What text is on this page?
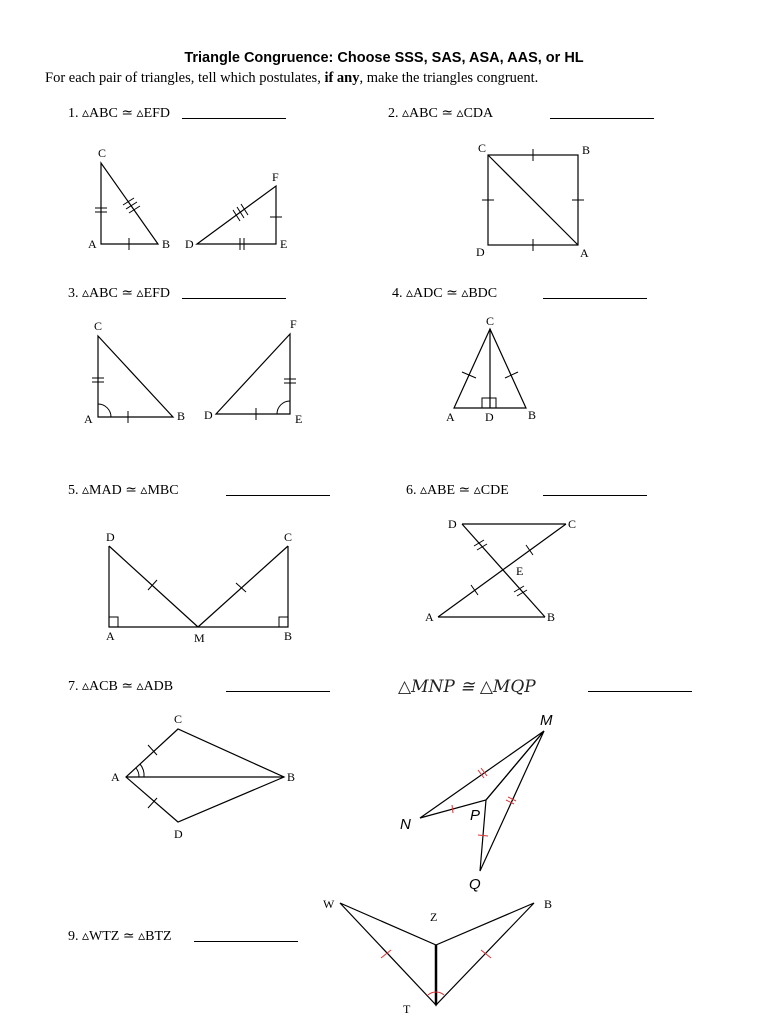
Triangle Congruence: Choose SSS, SAS, ASA, AAS, or HL
For each pair of triangles, tell which postulates, if any, make the triangles congruent.
1. ▵ABC ≃ ▵EFD	2. ▵ABC ≃ ▵CDA
3. ▵ABC ≃ ▵EFD	4. ▵ADC ≃ ▵BDC
5. ▵MAD ≃ ▵MBC	6. ▵ABE ≃ ▵CDE
7. ▵ACB ≃ ▵ADB	△MNP ≅ △MQP
9. ▵WTZ ≃ ▵BTZ
C
A	B
F
D	E
C	B
D	A
C
A	B
F
D	E
C
A	D	B
D	C
A	M	B
D	C
E
A	B
C
A	B
D
M
N
P
Q
W
Z
B
T
